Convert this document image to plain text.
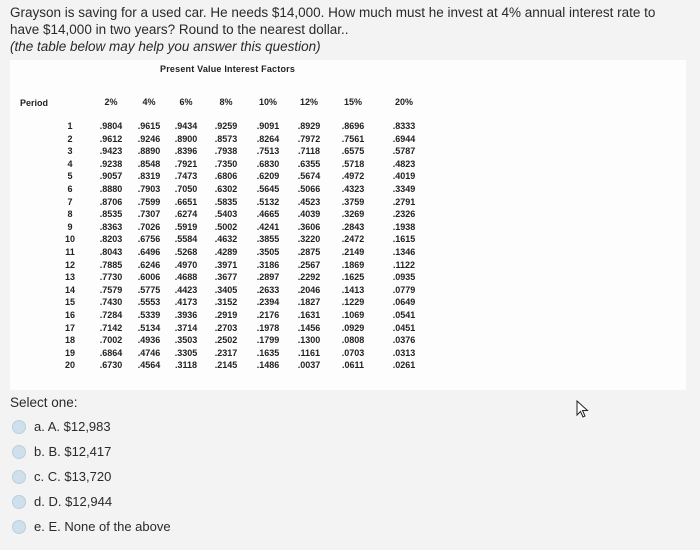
Grayson is saving for a used car. He needs $14,000. How much must he invest at 4% annual interest rate to
have $14,000 in two years? Round to the nearest dollar..
(the table below may help you answer this question)
Present Value Interest Factors
Period
		2%	4%	6%	8%	10%	12%	15%	20%
1	.9804	.9615	.9434	.9259	.9091	.8929	.8696	.8333
2	.9612	.9246	.8900	.8573	.8264	.7972	.7561	.6944
3	.9423	.8890	.8396	.7938	.7513	.7118	.6575	.5787
4	.9238	.8548	.7921	.7350	.6830	.6355	.5718	.4823
5	.9057	.8319	.7473	.6806	.6209	.5674	.4972	.4019
6	.8880	.7903	.7050	.6302	.5645	.5066	.4323	.3349
7	.8706	.7599	.6651	.5835	.5132	.4523	.3759	.2791
8	.8535	.7307	.6274	.5403	.4665	.4039	.3269	.2326
9	.8363	.7026	.5919	.5002	.4241	.3606	.2843	.1938
10	.8203	.6756	.5584	.4632	.3855	.3220	.2472	.1615
11	.8043	.6496	.5268	.4289	.3505	.2875	.2149	.1346
12	.7885	.6246	.4970	.3971	.3186	.2567	.1869	.1122
13	.7730	.6006	.4688	.3677	.2897	.2292	.1625	.0935
14	.7579	.5775	.4423	.3405	.2633	.2046	.1413	.0779
15	.7430	.5553	.4173	.3152	.2394	.1827	.1229	.0649
16	.7284	.5339	.3936	.2919	.2176	.1631	.1069	.0541
17	.7142	.5134	.3714	.2703	.1978	.1456	.0929	.0451
18	.7002	.4936	.3503	.2502	.1799	.1300	.0808	.0376
19	.6864	.4746	.3305	.2317	.1635	.1161	.0703	.0313
20	.6730	.4564	.3118	.2145	.1486	.0037	.0611	.0261
Select one:
a. A. $12,983
b. B. $12,417
c. C. $13,720
d. D. $12,944
e. E. None of the above
